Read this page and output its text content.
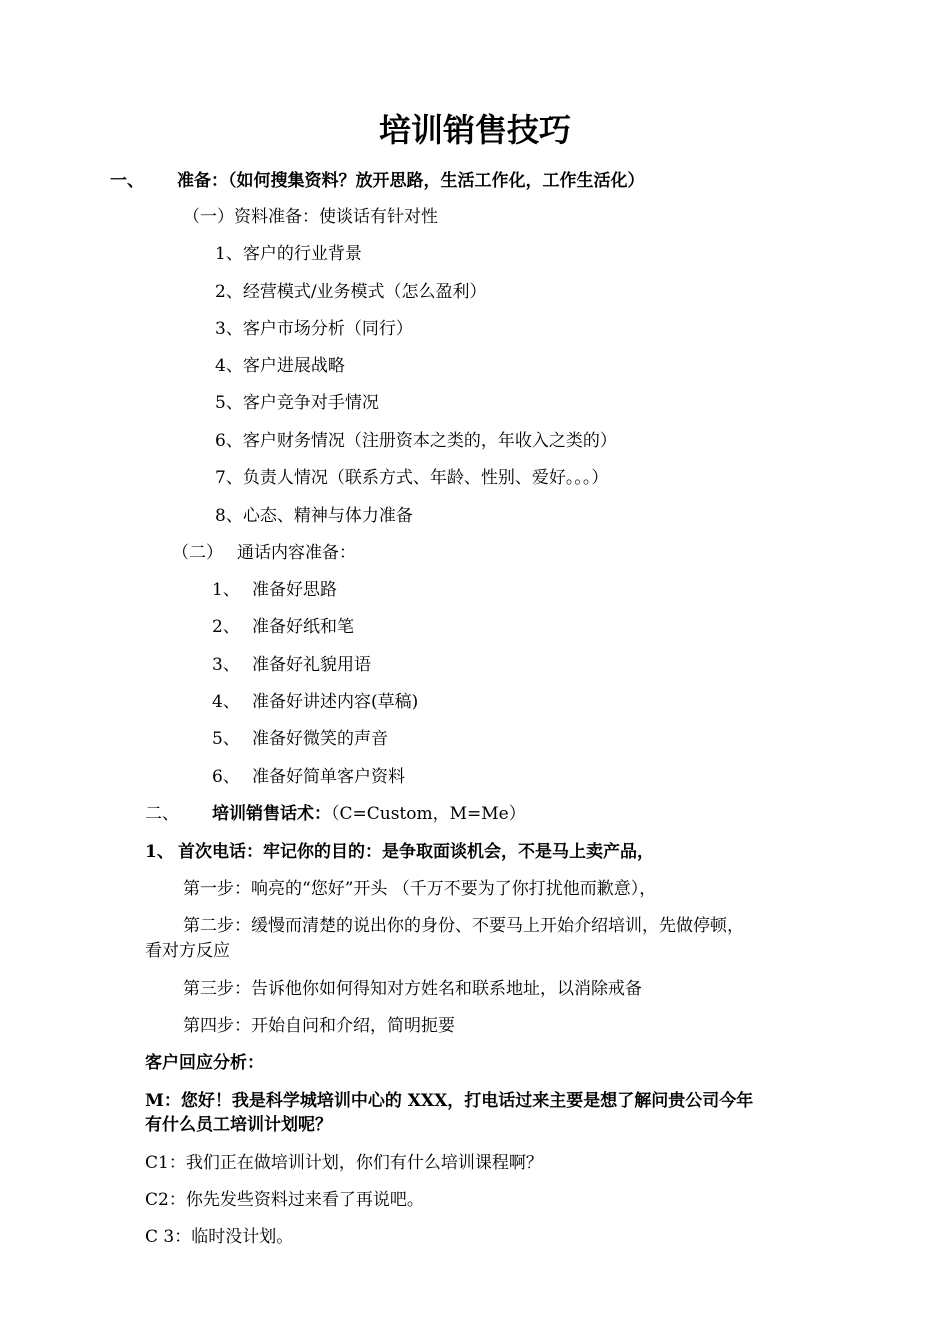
培训销售技巧
一、 准备：（如何搜集资料？放开思路，生活工作化，工作生活化）
（一）资料准备：使谈话有针对性
1、客户的行业背景
2、经营模式/业务模式（怎么盈利）
3、客户市场分析（同行）
4、客户进展战略
5、客户竞争对手情况
6、客户财务情况（注册资本之类的，年收入之类的）
7、负责人情况（联系方式、年龄、性别、爱好。。。）
8、心态、精神与体力准备
（二） 通话内容准备：
1、 准备好思路
2、 准备好纸和笔
3、 准备好礼貌用语
4、 准备好讲述内容(草稿)
5、 准备好微笑的声音
6、 准备好简单客户资料
二、 培训销售话术：（C=Custom，M=Me）
1、 首次电话：牢记你的目的：是争取面谈机会，不是马上卖产品，
第一步：响亮的“您好”开头 （千万不要为了你打扰他而歉意），
第二步：缓慢而清楚的说出你的身份、不要马上开始介绍培训，先做停顿，
看对方反应
第三步：告诉他你如何得知对方姓名和联系地址，以消除戒备
第四步：开始自问和介绍，简明扼要
客户回应分析：
M：您好！我是科学城培训中心的 XXX，打电话过来主要是想了解问贵公司今年
有什么员工培训计划呢？
C1：我们正在做培训计划，你们有什么培训课程啊？
C2：你先发些资料过来看了再说吧。
C 3：临时没计划。
